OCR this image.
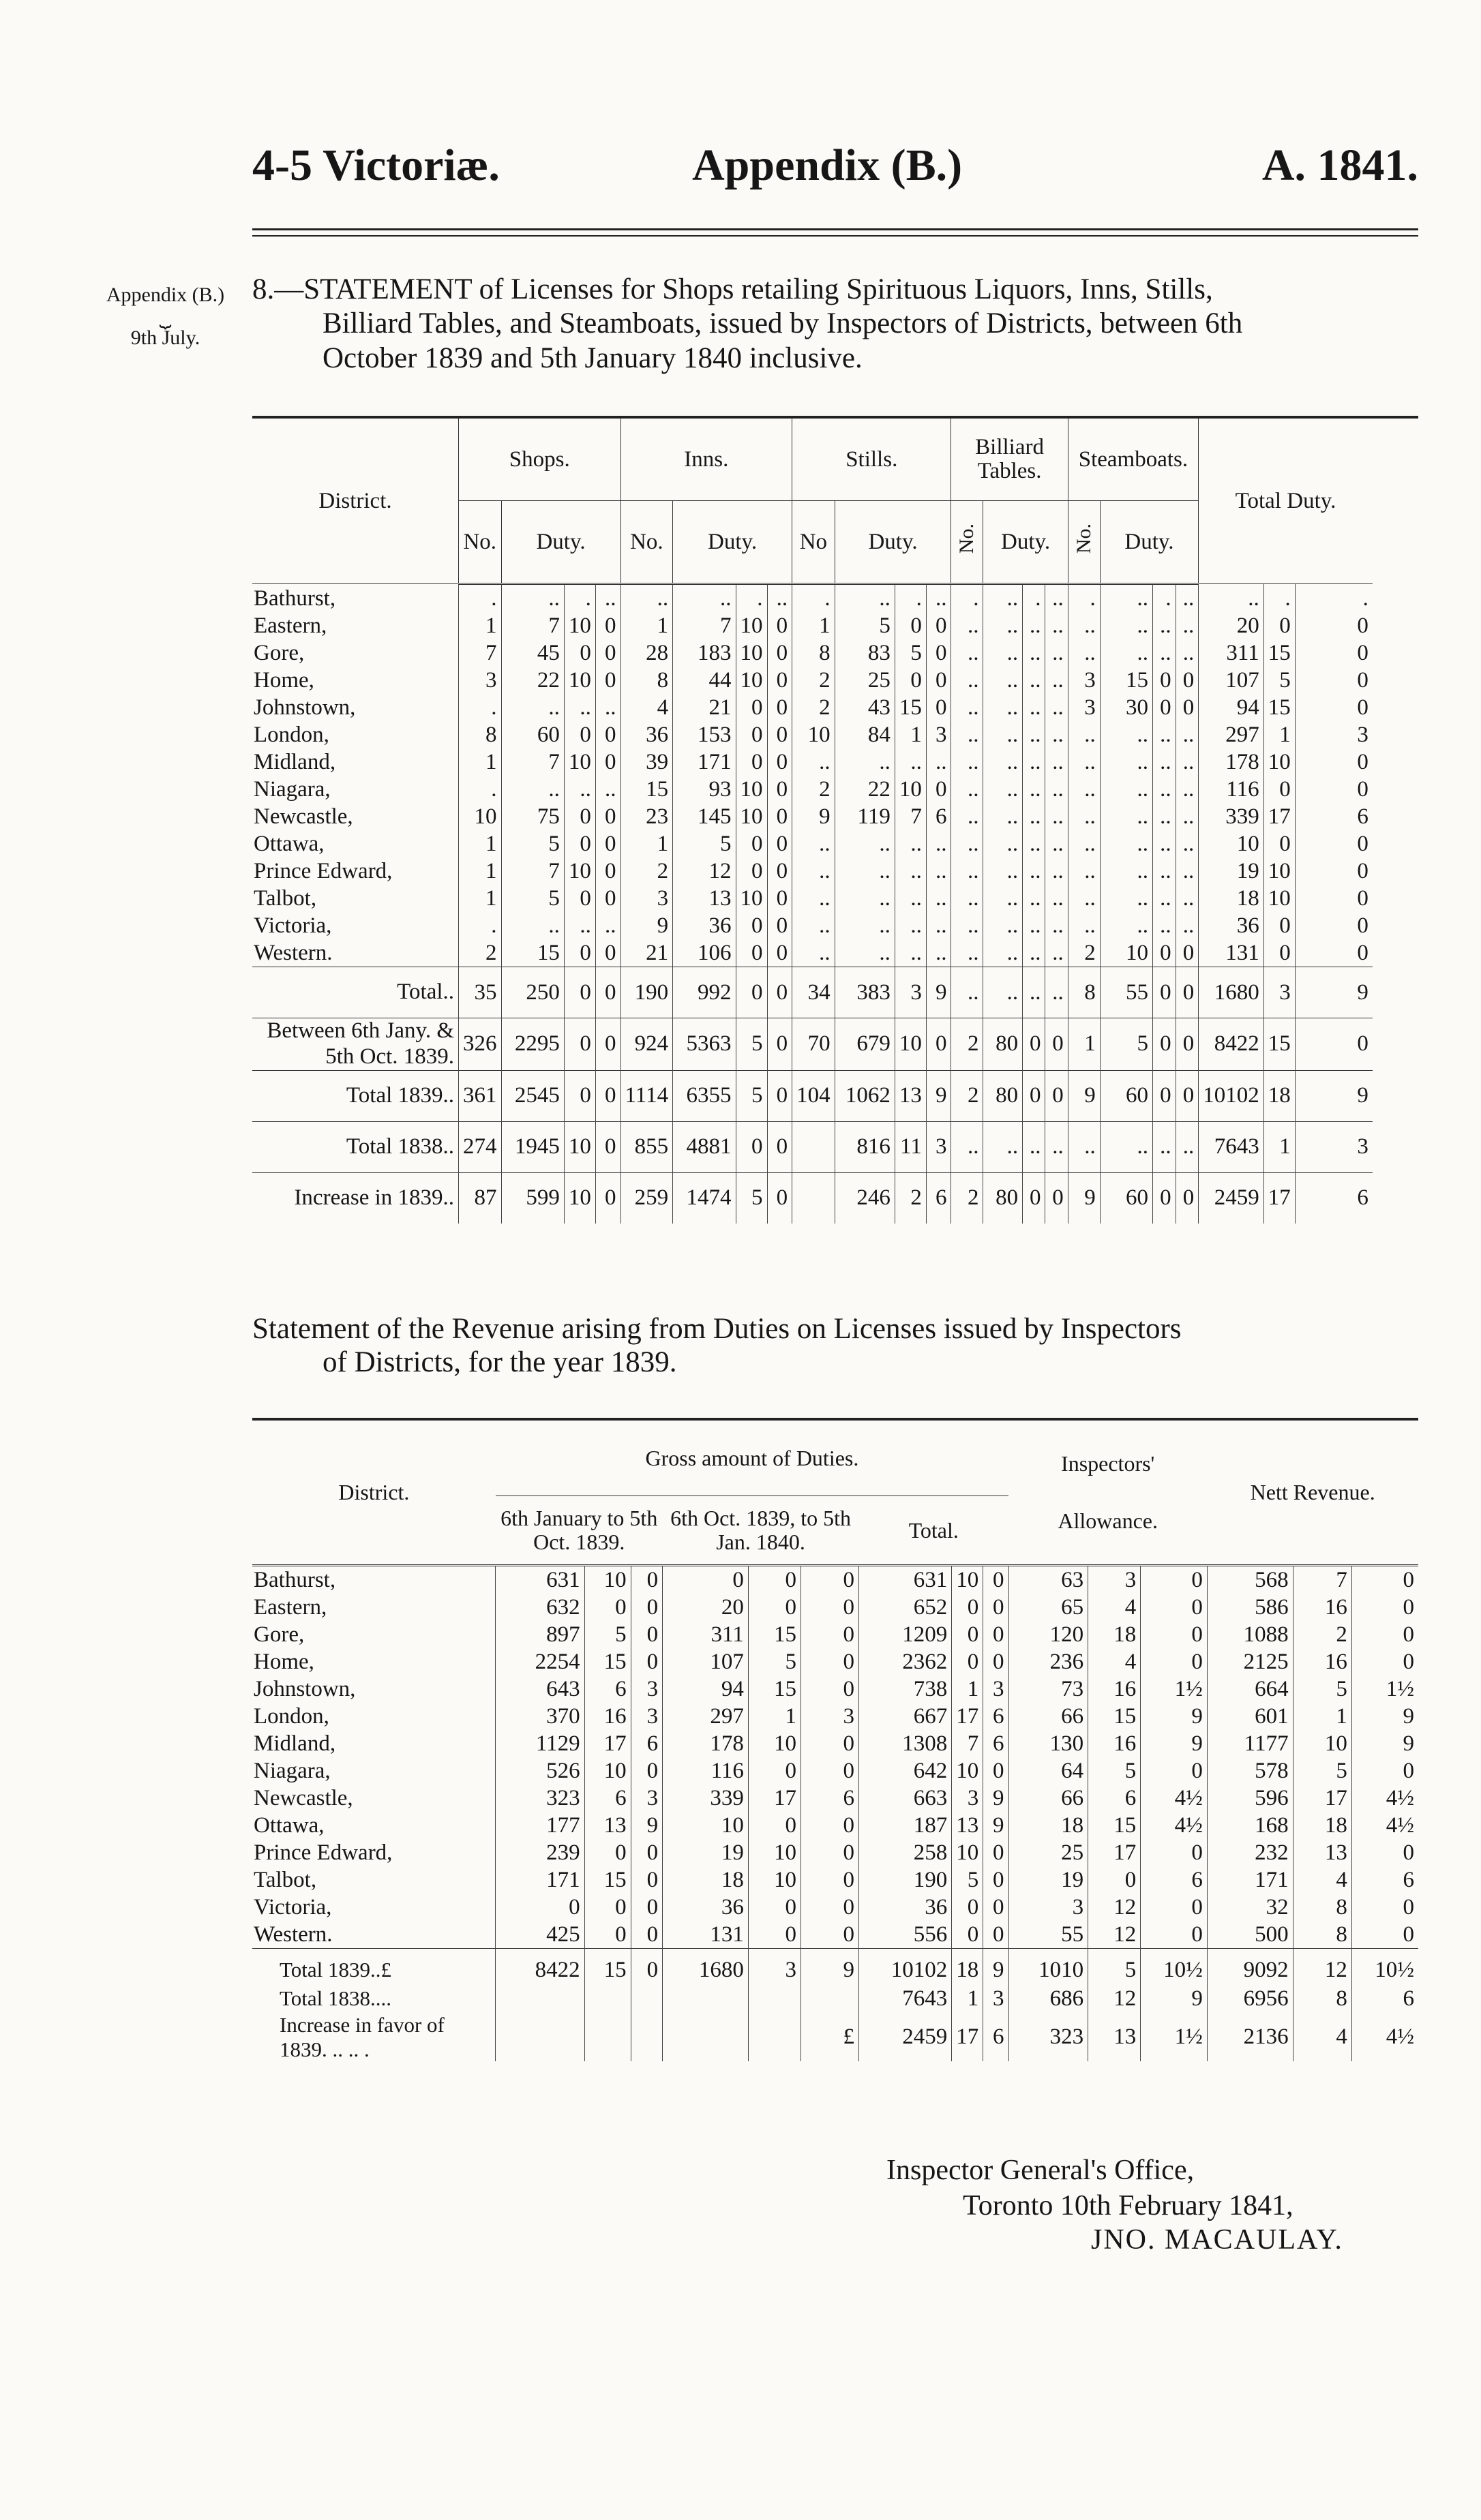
4-5 Victoriæ.	Appendix (B.)	A. 1841.
Appendix (B.)
⏟
9th July.

8.—STATEMENT of Licenses for Shops retailing Spirituous Liquors, Inns, Stills,

Billiard Tables, and Steamboats, issued by Inspectors of Districts, between 6th

October 1839 and 5th January 1840 inclusive.

District.	Shops.				Inns.				Stills.				Billiard Tables.				Steamboats.				Total Duty.		
	No.	Duty.			No.	Duty.			No	Duty.			No.	Duty.			No.	Duty.				
Bathurst,	.	..	.	..	..	..	.	..	.	..	.	..	.	..	.	..	.	..	.	..	..	.	.
Eastern,	1	7	10	0	1	7	10	0	1	5	0	0	..	..	..	..	..	..	..	..	20	0	0
Gore,	7	45	0	0	28	183	10	0	8	83	5	0	..	..	..	..	..	..	..	..	311	15	0
Home,	3	22	10	0	8	44	10	0	2	25	0	0	..	..	..	..	3	15	0	0	107	5	0
Johnstown,	.	..	..	..	4	21	0	0	2	43	15	0	..	..	..	..	3	30	0	0	94	15	0
London,	8	60	0	0	36	153	0	0	10	84	1	3	..	..	..	..	..	..	..	..	297	1	3
Midland,	1	7	10	0	39	171	0	0	..	..	..	..	..	..	..	..	..	..	..	..	178	10	0
Niagara,	.	..	..	..	15	93	10	0	2	22	10	0	..	..	..	..	..	..	..	..	116	0	0
Newcastle,	10	75	0	0	23	145	10	0	9	119	7	6	..	..	..	..	..	..	..	..	339	17	6
Ottawa,	1	5	0	0	1	5	0	0	..	..	..	..	..	..	..	..	..	..	..	..	10	0	0
Prince Edward,	1	7	10	0	2	12	0	0	..	..	..	..	..	..	..	..	..	..	..	..	19	10	0
Talbot,	1	5	0	0	3	13	10	0	..	..	..	..	..	..	..	..	..	..	..	..	18	10	0
Victoria,	.	..	..	..	9	36	0	0	..	..	..	..	..	..	..	..	..	..	..	..	36	0	0
Western.	2	15	0	0	21	106	0	0	..	..	..	..	..	..	..	..	2	10	0	0	131	0	0
Total..	35	250	0	0	190	992	0	0	34	383	3	9	..	..	..	..	8	55	0	0	1680	3	9
Between 6th Jany. & 5th Oct. 1839.	326	2295	0	0	924	5363	5	0	70	679	10	0	2	80	0	0	1	5	0	0	8422	15	0
Total 1839..	361	2545	0	0	1114	6355	5	0	104	1062	13	9	2	80	0	0	9	60	0	0	10102	18	9
Total 1838..	274	1945	10	0	855	4881	0	0		816	11	3	..	..	..	..	..	..	..	..	7643	1	3
Increase in 1839..	87	599	10	0	259	1474	5	0		246	2	6	2	80	0	0	9	60	0	0	2459	17	6

Statement of the Revenue arising from Duties on Licenses issued by Inspectors

of Districts, for the year 1839.

District.	Gross amount of Duties.									Inspectors' Allowance.			Nett Revenue.		
	6th January to 5th Oct. 1839.			6th Oct. 1839, to 5th Jan. 1840.			Total.								
Bathurst,	631	10	0	0	0	0	631	10	0	63	3	0	568	7	0
Eastern,	632	0	0	20	0	0	652	0	0	65	4	0	586	16	0
Gore,	897	5	0	311	15	0	1209	0	0	120	18	0	1088	2	0
Home,	2254	15	0	107	5	0	2362	0	0	236	4	0	2125	16	0
Johnstown,	643	6	3	94	15	0	738	1	3	73	16	1½	664	5	1½
London,	370	16	3	297	1	3	667	17	6	66	15	9	601	1	9
Midland,	1129	17	6	178	10	0	1308	7	6	130	16	9	1177	10	9
Niagara,	526	10	0	116	0	0	642	10	0	64	5	0	578	5	0
Newcastle,	323	6	3	339	17	6	663	3	9	66	6	4½	596	17	4½
Ottawa,	177	13	9	10	0	0	187	13	9	18	15	4½	168	18	4½
Prince Edward,	239	0	0	19	10	0	258	10	0	25	17	0	232	13	0
Talbot,	171	15	0	18	10	0	190	5	0	19	0	6	171	4	6
Victoria,	0	0	0	36	0	0	36	0	0	3	12	0	32	8	0
Western.	425	0	0	131	0	0	556	0	0	55	12	0	500	8	0
Total 1839..£	8422	15	0	1680	3	9	10102	18	9	1010	5	10½	9092	12	10½
Total 1838....							7643	1	3	686	12	9	6956	8	6
Increase in favor of 1839. .. .. .						£	2459	17	6	323	13	1½	2136	4	4½
Inspector General's Office,
Toronto 10th February 1841,
JNO. MACAULAY.
